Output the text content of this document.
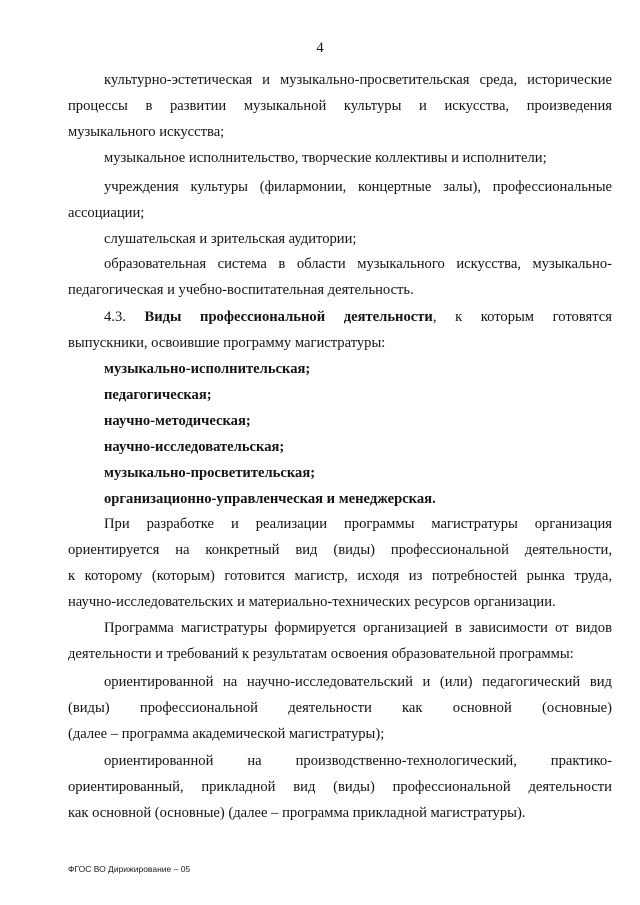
4
культурно-эстетическая и музыкально-просветительская среда, исторические
процессы в развитии музыкальной культуры и искусства, произведения
музыкального искусства;
музыкальное исполнительство, творческие коллективы и исполнители;
учреждения культуры (филармонии, концертные залы), профессиональные
ассоциации;
слушательская и зрительская аудитории;
образовательная система в области музыкального искусства, музыкально-
педагогическая и учебно-воспитательная деятельность.
4.3. Виды профессиональной деятельности, к которым готовятся
выпускники, освоившие программу магистратуры:
музыкально-исполнительская;
педагогическая;
научно-методическая;
научно-исследовательская;
музыкально-просветительская;
организационно-управленческая и менеджерская.
При разработке и реализации программы магистратуры организация
ориентируется на конкретный вид (виды) профессиональной деятельности,
к которому (которым) готовится магистр, исходя из потребностей рынка труда,
научно-исследовательских и материально-технических ресурсов организации.
Программа магистратуры формируется организацией в зависимости от видов
деятельности и требований к результатам освоения образовательной программы:
ориентированной на научно-исследовательский и (или) педагогический вид
(виды) профессиональной деятельности как основной (основные)
(далее – программа академической магистратуры);
ориентированной на производственно-технологический, практико-
ориентированный, прикладной вид (виды) профессиональной деятельности
как основной (основные) (далее – программа прикладной магистратуры).
ФГОС ВО Дирижирование – 05
